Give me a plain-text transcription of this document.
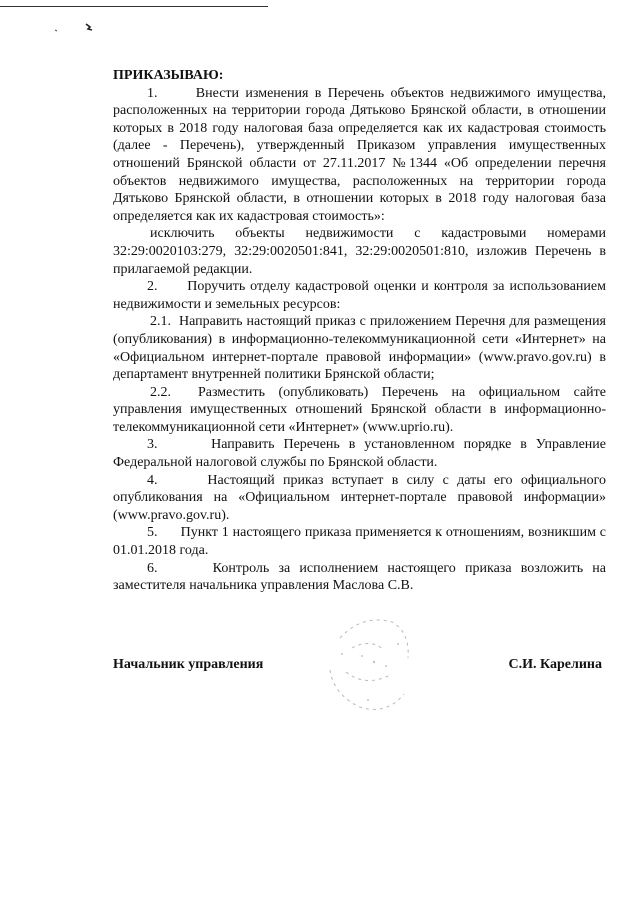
ПРИКАЗЫВАЮ:

1.      Внести изменения в Перечень объектов недвижимого имущества, расположенных на территории города Дятьково Брянской области, в отношении которых в 2018 году налоговая база определяется как их кадастровая стоимость (далее - Перечень), утвержденный Приказом управления имущественных отношений Брянской области от 27.11.2017 №1344 «Об определении перечня объектов недвижимого имущества, расположенных на территории города Дятьково Брянской области, в отношении которых в 2018 году налоговая база определяется как их кадастровая стоимость»:

исключить объекты недвижимости с кадастровыми номерами 32:29:0020103:279, 32:29:0020501:841, 32:29:0020501:810, изложив Перечень в прилагаемой редакции.

2.      Поручить отделу кадастровой оценки и контроля за использованием недвижимости и земельных ресурсов:

2.1.  Направить настоящий приказ с приложением Перечня для размещения (опубликования) в информационно-телекоммуникационной сети «Интернет» на «Официальном интернет-портале правовой информации» (www.pravo.gov.ru) в департамент внутренней политики Брянской области;

2.2.  Разместить (опубликовать) Перечень на официальном сайте управления имущественных отношений Брянской области в информационно-телекоммуникационной сети «Интернет» (www.uprio.ru).

3.      Направить Перечень в установленном порядке в Управление Федеральной налоговой службы по Брянской области.

4.      Настоящий приказ вступает в силу с даты его официального опубликования на «Официальном интернет-портале правовой информации» (www.pravo.gov.ru).

5.      Пункт 1 настоящего приказа применяется к отношениям, возникшим с 01.01.2018 года.

6.      Контроль за исполнением настоящего приказа возложить на заместителя начальника управления Маслова С.В.

Начальник управления	С.И. Карелина
